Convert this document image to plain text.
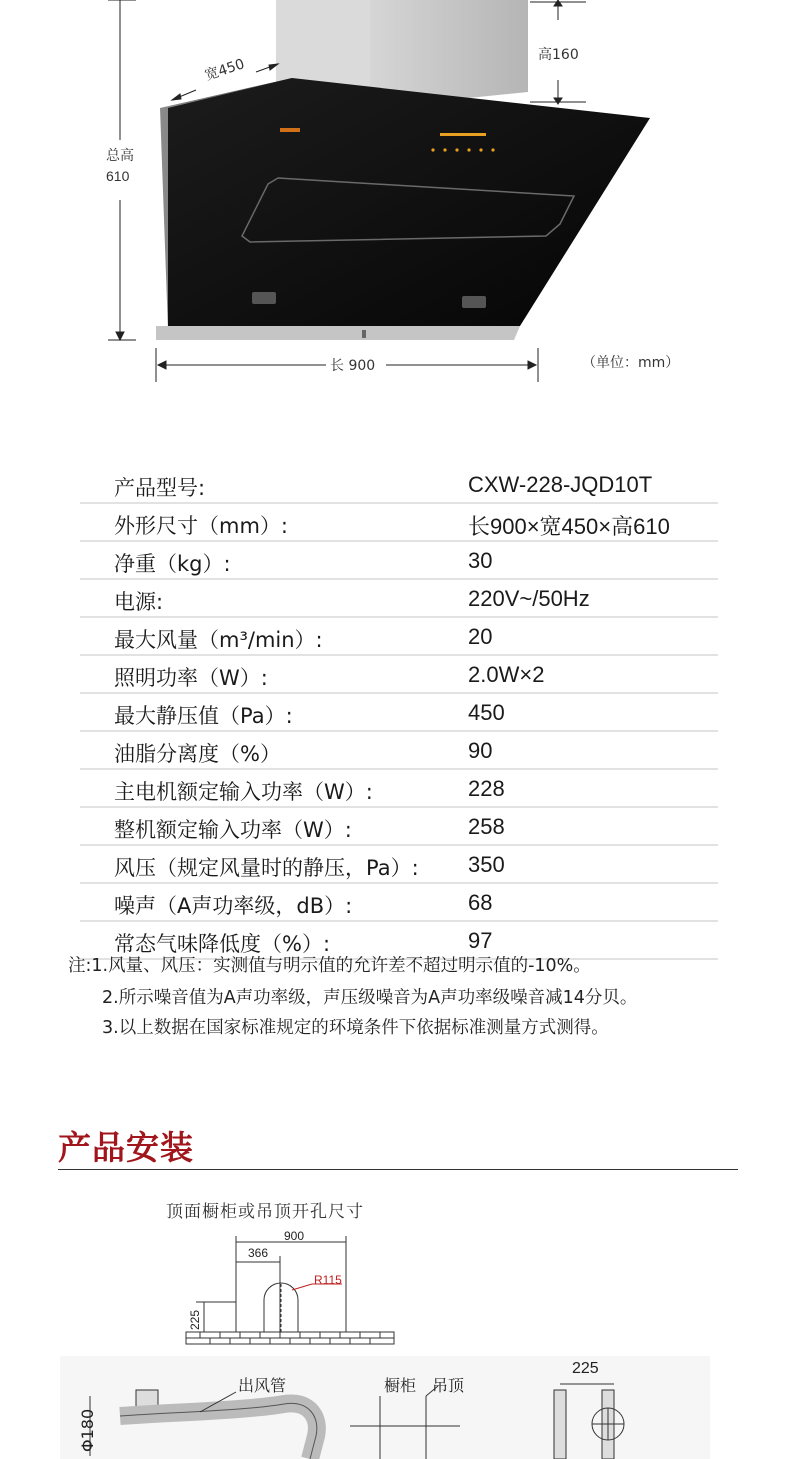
高160
宽450
总高
610
长 900	（单位：mm）
产品型号:	CXW-228-JQD10T
外形尺寸（mm）:	长900×宽450×高610
净重（kg）:	30
电源:	220V~/50Hz
最大风量（m³/min）:	20
照明功率（W）:	2.0W×2
最大静压值（Pa）:	450
油脂分离度（%）	90
主电机额定输入功率（W）:	228
整机额定输入功率（W）:	258
风压（规定风量时的静压，Pa）: 350
噪声（A声功率级，dB）:	68
常态气味降低度（%）:	97
注:1.风量、风压：实测值与明示值的允许差不超过明示值的-10%。
2.所示噪音值为A声功率级，声压级噪音为A声功率级噪音减14分贝。
3.以上数据在国家标准规定的环境条件下依据标准测量方式测得。
产品安装
顶面橱柜或吊顶开孔尺寸
900
366
R115
225
出风管	橱柜 吊顶
Φ180
225
